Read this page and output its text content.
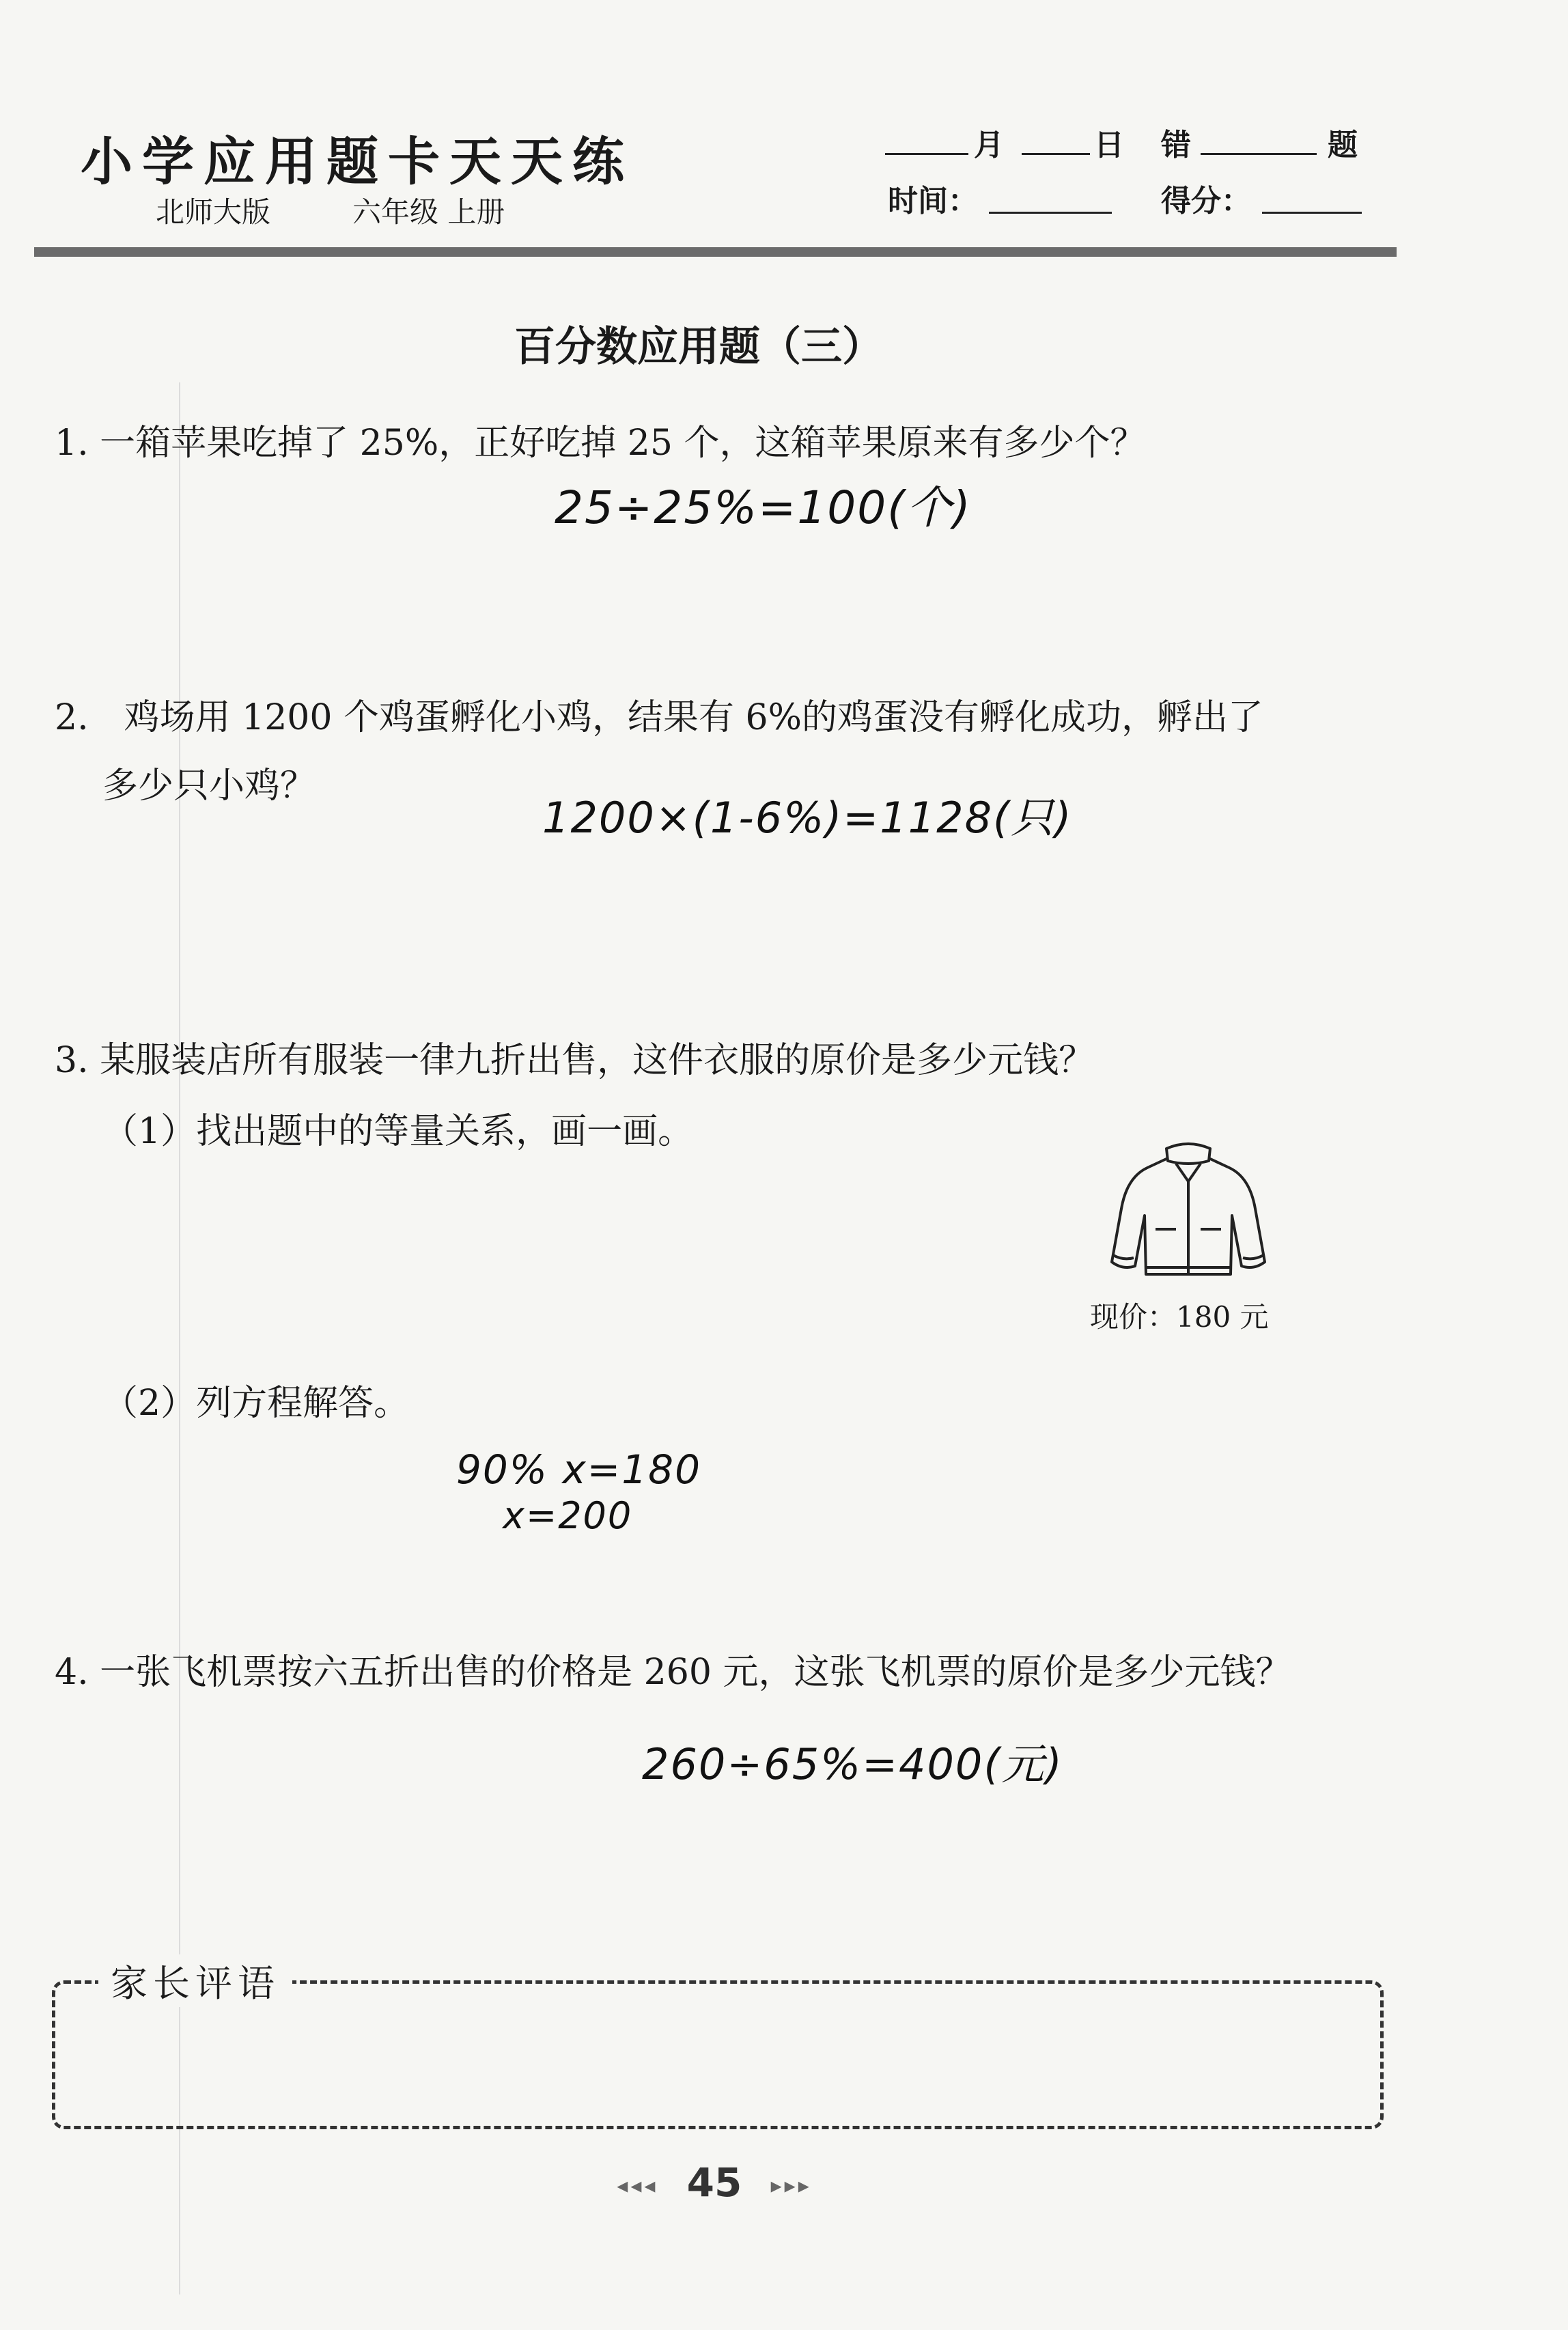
小学应用题卡天天练
北师大版	六年级 上册
月	日 错	题
时间：	得分：
百分数应用题（三）
1. 一箱苹果吃掉了 25%，正好吃掉 25 个，这箱苹果原来有多少个？
25÷25%=100(个)
2.　鸡场用 1200 个鸡蛋孵化小鸡，结果有 6%的鸡蛋没有孵化成功，孵出了
多少只小鸡？
1200×(1-6%)=1128(只)
3. 某服装店所有服装一律九折出售，这件衣服的原价是多少元钱？
（1）找出题中的等量关系，画一画。
现价：180 元
（2）列方程解答。
90% x=180
x=200
4. 一张飞机票按六五折出售的价格是 260 元，这张飞机票的原价是多少元钱？
260÷65%=400(元)
家长评语
◂◂◂ 45 ▸▸▸
